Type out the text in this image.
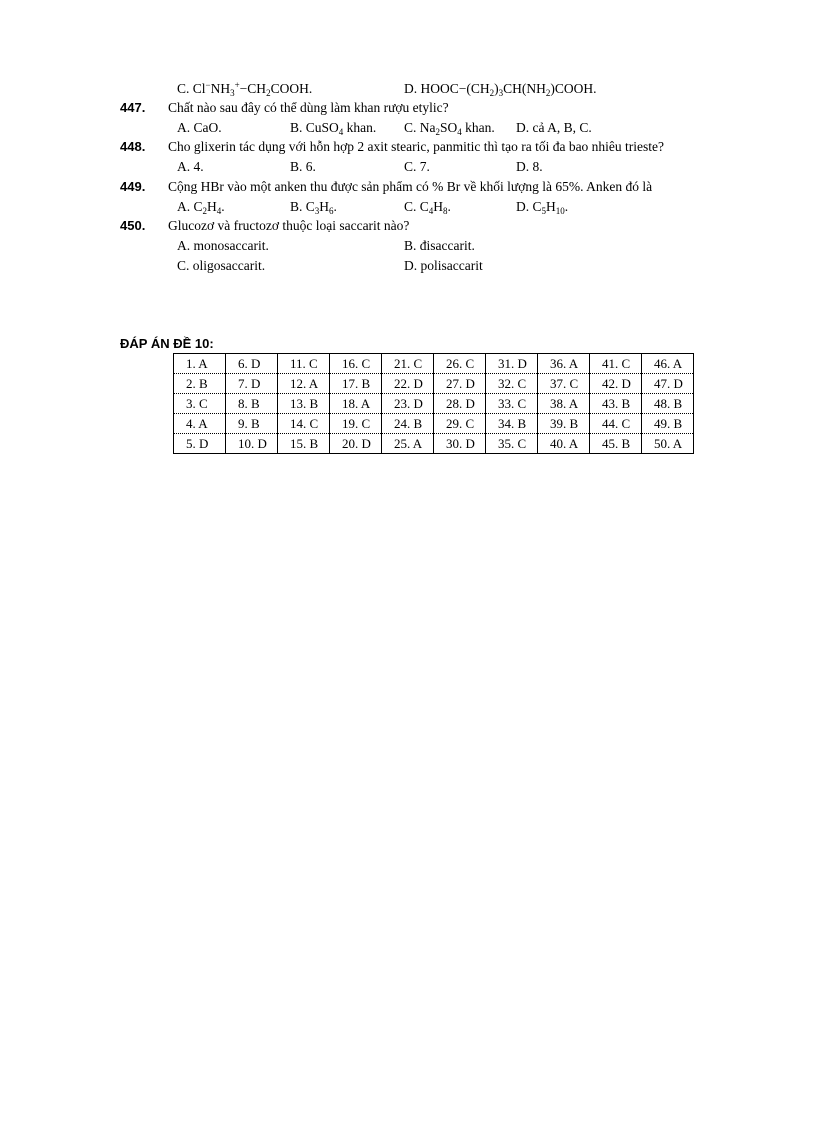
C. $Cl^-NH_3^+-CH_2COOH$.	D. $HOOC-(CH_2)_3CH(NH_2)COOH$.
447. Chất nào sau đây có thể dùng làm khan rượu etylic?
A. CaO.	B. CuSO$_4$ khan. C. $Na_2SO_4$ khan. D. cả A, B, C.
448. Cho glixerin tác dụng với hỗn hợp 2 axit stearic, panmitic thì tạo ra tối đa bao nhiêu trieste?
A. 4.	B. 6.	C. 7.	D. 8.
449. Cộng HBr vào một anken thu được sản phẩm có % Br về khối lượng là 65%. Anken đó là
A. $C_2H_4$.	B. $C_3H_6$.	C. $C_4H_8$.	D. $C_5H_{10}$.
450. Glucozơ và fructozơ thuộc loại saccarit nào?
A. monosaccarit.	B. đisaccarit.
C. oligosaccarit.	D. polisaccarit
ĐÁP ÁN ĐỀ 10:
1. A	6. D	11. C	16. C	21. C	26. C	31. D	36. A	41. C	46. A
2. B	7. D	12. A	17. B	22. D	27. D	32. C	37. C	42. D	47. D
3. C	8. B	13. B	18. A	23. D	28. D	33. C	38. A	43. B	48. B
4. A	9. B	14. C	19. C	24. B	29. C	34. B	39. B	44. C	49. B
5. D	10. D	15. B	20. D	25. A	30. D	35. C	40. A	45. B	50. A
